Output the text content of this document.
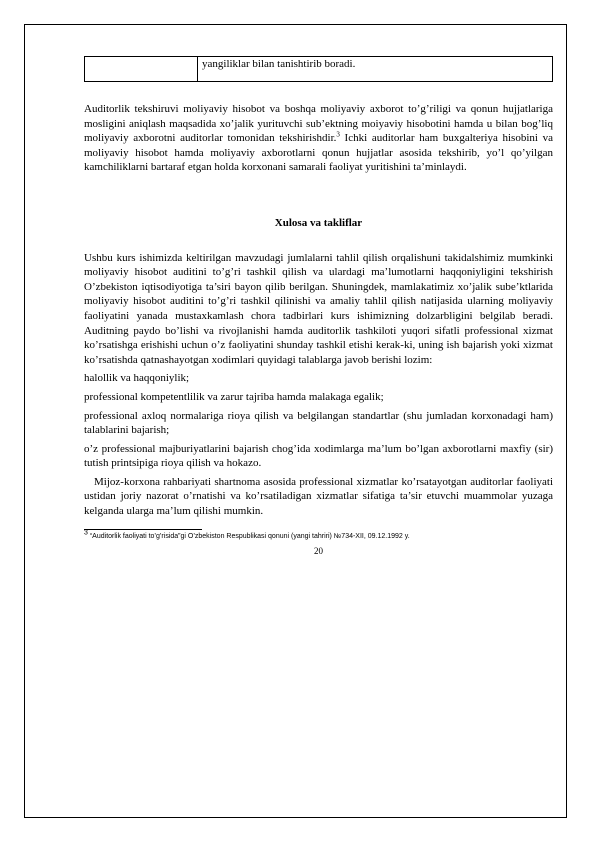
	yangiliklar bilan tanishtirib boradi.

Auditorlik tekshiruvi moliyaviy hisobot va boshqa moliyaviy axborot to’g’riligi va qonun hujjatlariga mosligini aniqlash maqsadida xo’jalik yurituvchi sub’ektning moiyaviy hisobotini hamda u bilan bog’liq moliyaviy axborotni auditorlar tomonidan tekshirishdir.$^3$ Ichki auditorlar ham buxgalteriya hisobini va moliyaviy hisobot hamda moliyaviy axborotlarni qonun hujjatlar asosida tekshirib, yo’l qo’yilgan kamchiliklarni bartaraf etgan holda korxonani samarali faoliyat yuritishini ta’minlaydi.

Xulosa va takliflar

Ushbu kurs ishimizda keltirilgan mavzudagi jumlalarni tahlil qilish orqalishuni takidalshimiz mumkinki moliyaviy hisobot auditini to’g’ri tashkil qilish va ulardagi ma’lumotlarni haqqoniyligini tekshirish O’zbekiston iqtisodiyotiga ta’siri bayon qilib berilgan. Shuningdek, mamlakatimiz xo’jalik sube’ktlarida moliyaviy hisobot auditini to’g’ri tashkil qilinishi va amaliy tahlil qilish natijasida ularning moliyaviy faoliyatini yanada mustaxkamlash chora tadbirlari kurs ishimizning dolzarbligini belgilab beradi. Auditning paydo bo’lishi va rivojlanishi hamda auditorlik tashkiloti yuqori sifatli professional xizmat ko’rsatishga erishishi uchun o’z faoliyatini shunday tashkil etishi kerak-ki, uning ish bajarish yoki xizmat ko’rsatishda qatnashayotgan xodimlari quyidagi talablarga javob berishi lozim:

halollik va haqqoniylik;

professional kompetentlilik va zarur tajriba hamda malakaga egalik;

professional axloq normalariga rioya qilish va belgilangan standartlar (shu jumladan korxonadagi ham) talablarini bajarish;

o’z professional majburiyatlarini bajarish chog’ida xodimlarga ma’lum bo’lgan axborotlarni maxfiy (sir) tutish printsipiga rioya qilish va hokazo.

Mijoz-korxona rahbariyati shartnoma asosida professional xizmatlar ko’rsatayotgan auditorlar faoliyati ustidan joriy nazorat o’rnatishi va ko’rsatiladigan xizmatlar sifatiga ta’sir etuvchi muammolar yuzaga kelganda ularga ma’lum qilishi mumkin.

$^3$ “Auditorlik faoliyati to’g’risida”gi O’zbekiston Respublikasi qonuni (yangi tahriri) №734-XII, 09.12.1992 y.
20
